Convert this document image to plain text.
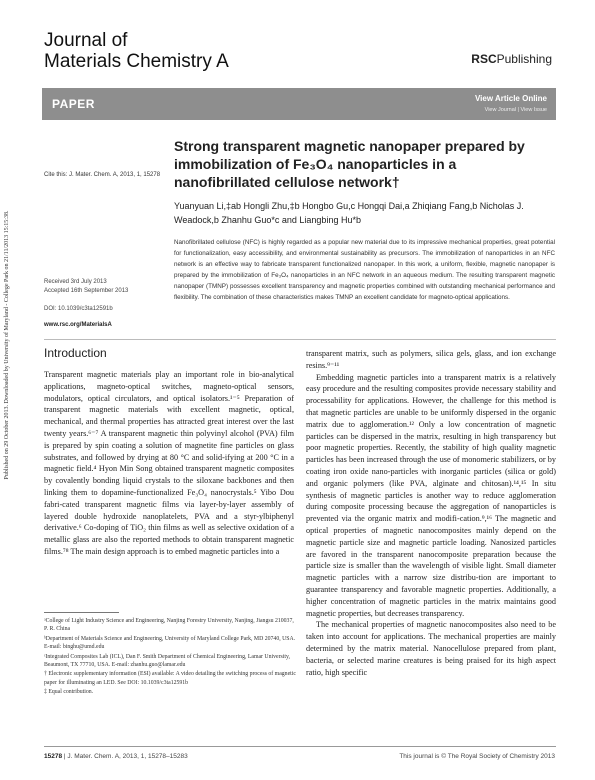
Published on 29 October 2013. Downloaded by University of Maryland - College Park on 21/11/2013 15:15:38.
Journal of
Materials Chemistry A	RSCPublishing
PAPER	View Article Online
View Journal | View Issue
Strong transparent magnetic nanopaper prepared by immobilization of Fe₃O₄ nanoparticles in a nanofibrillated cellulose network†
Cite this: J. Mater. Chem. A, 2013, 1, 15278
Yuanyuan Li,‡ab Hongli Zhu,‡b Hongbo Gu,c Hongqi Dai,a Zhiqiang Fang,b Nicholas J. Weadock,b Zhanhu Guo*c and Liangbing Hu*b
Nanofibrillated cellulose (NFC) is highly regarded as a popular new material due to its impressive mechanical properties, great potential for functionalization, easy accessibility, and environmental sustainability as precursors. The immobilization of nanoparticles in an NFC network is an effective way to fabricate transparent functionalized nanopaper. In this work, a uniform, flexible, magnetic nanopaper is prepared by the immobilization of Fe₃O₄ nanoparticles in an NFC network in an aqueous medium. The resulting transparent magnetic nanopaper (TMNP) possesses excellent transparency and magnetic properties combined with outstanding mechanical performance and flexibility. The combination of these characteristics makes TMNP an excellent candidate for magneto-optical applications.
Received 3rd July 2013
Accepted 16th September 2013
DOI: 10.1039/c3ta12591b
www.rsc.org/MaterialsA
Introduction

Transparent magnetic materials play an important role in bio-analytical applications, magneto-optical switches, magneto-optical sensors, modulators, optical circulators, and optical isolators.¹⁻⁵ Preparation of transparent magnetic materials with excellent magnetic, optical, mechanical, and thermal properties has attracted great interest over the last twenty years.⁶⁻⁷ A transparent magnetic thin polyvinyl alcohol (PVA) film is prepared by spin coating a solution of magnetite fine particles on glass substrates, and followed by drying at 80 °C and solid-ifying at 200 °C in a magnetic field.⁴ Hyon Min Song obtained transparent magnetic composites by covalently bonding liquid crystals to the siloxane backbones and then linking them to dopamine-functionalized Fe₃O₄ nanocrystals.⁵ Yibo Dou fabri-cated transparent magnetic films via layer-by-layer assembly of layered double hydroxide nanoplatelets, PVA and a styr-ylbiphenyl derivative.⁶ Co-doping of TiO₂ thin films as well as selective oxidation of a metallic glass are also the reported methods to obtain transparent magnetic films.⁷⁸ The main design approach is to embed magnetic particles into a

transparent matrix, such as polymers, silica gels, glass, and ion exchange resins.⁹⁻¹¹

Embedding magnetic particles into a transparent matrix is a relatively easy procedure and the resulting composites provide necessary stability and processability for applications. However, the challenge for this method is that magnetic particles are unable to be uniformly dispersed in the organic matrix due to agglomeration.¹² Only a low concentration of magnetic particles can be dispersed in the matrix, resulting in high transparency but poor magnetic properties. Recently, the stability of high quality magnetic particles has been increased through the use of monomeric stabilizers, or by coating iron oxide nano-particles with inorganic particles (silica or gold) and organic polymers (like PVA, alginate and chitosan).¹⁴,¹⁵ In situ synthesis of magnetic particles is another way to reduce agglomeration during composite processing because the aggregation of nanoparticles is prevented via the organic matrix and modifi-cation.⁹,¹⁶ The magnetic and optical properties of magnetic nanocomposites mainly depend on the magnetic particle size and magnetic particle loading. Nanosized particles are favored in the transparent nanocomposite preparation because the particle size is smaller than the wavelength of visible light. Small diameter magnetic particles with a narrow size distribu-tion are important to guarantee transparency and favorable magnetic properties. Additionally, a higher concentration of magnetic particles in the matrix maintains good magnetic properties, but decreases transparency.

The mechanical properties of magnetic nanocomposites also need to be taken into account for applications. The mechanical properties are mainly determined by the matrix material. Nanocellulose prepared from plant, bacteria, or selected marine creatures is being praised for its high aspect ratio, high specific

ᵃCollege of Light Industry Science and Engineering, Nanjing Forestry University, Nanjing, Jiangsu 210037, P. R. China

ᵇDepartment of Materials Science and Engineering, University of Maryland College Park, MD 20740, USA. E-mail: binghu@umd.edu

ᶜIntegrated Composites Lab (ICL), Dan F. Smith Department of Chemical Engineering, Lamar University, Beaumont, TX 77710, USA. E-mail: zhanhu.guo@lamar.edu

† Electronic supplementary information (ESI) available: A video detailing the switching process of magnetic paper for illuminating an LED. See DOI: 10.1039/c3ta12591b

‡ Equal contribution.

15278 | J. Mater. Chem. A, 2013, 1, 15278–15283	This journal is © The Royal Society of Chemistry 2013
